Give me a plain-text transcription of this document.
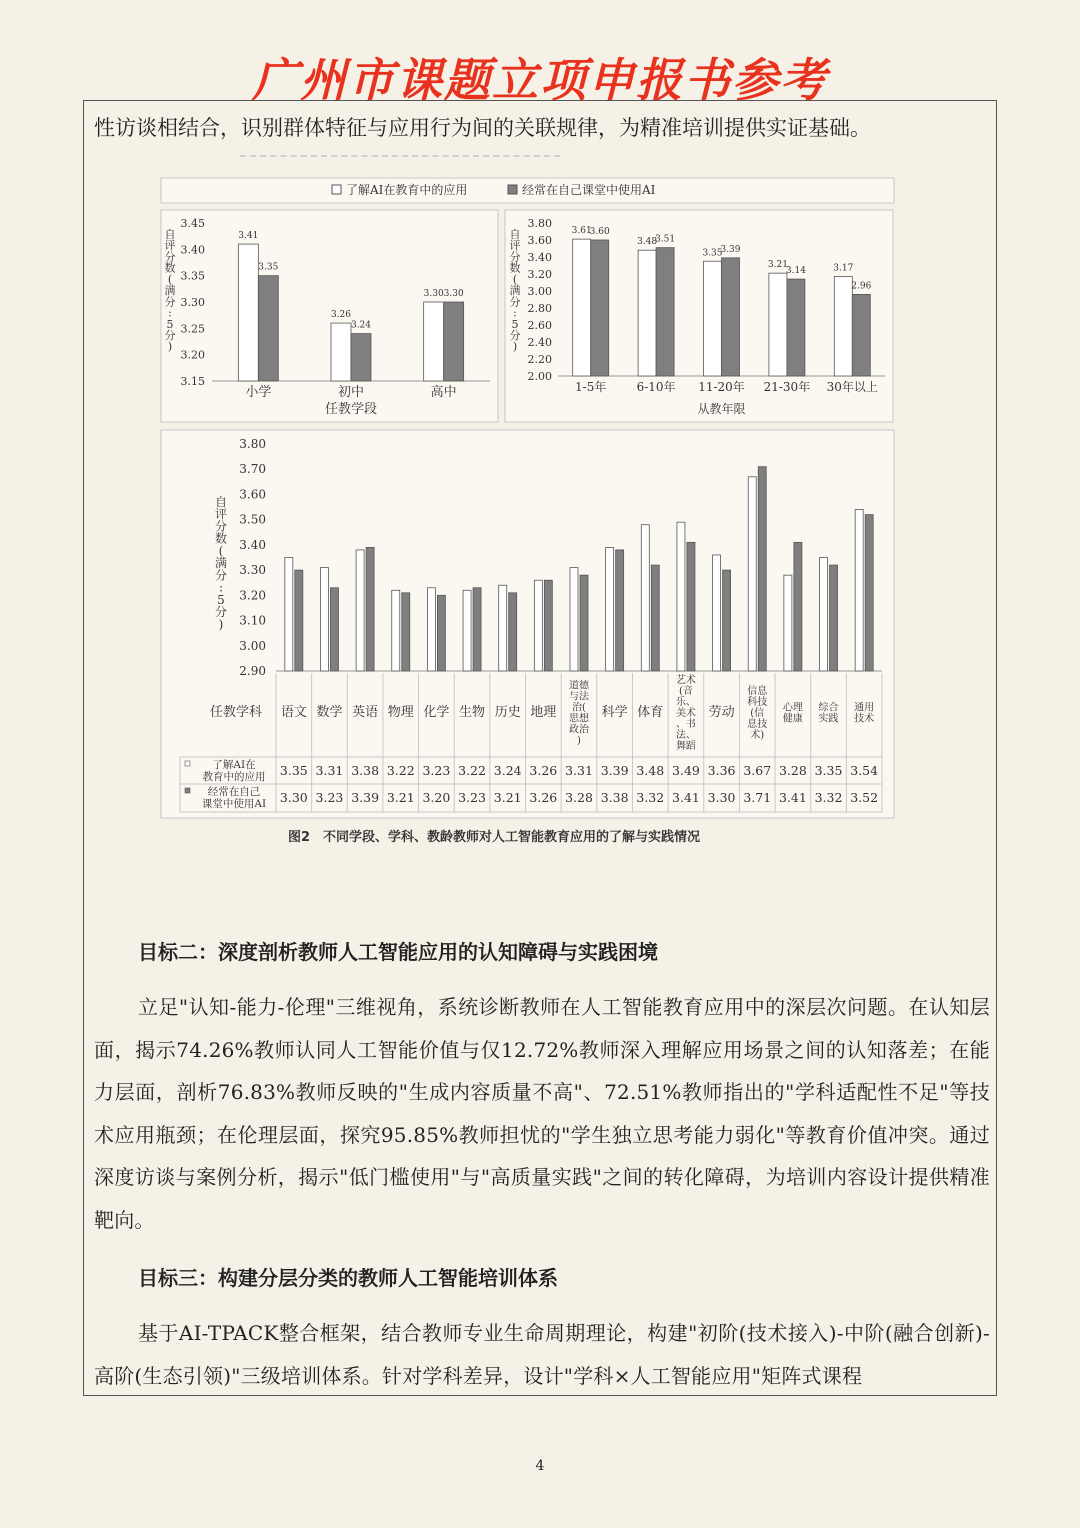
广州市课题立项申报书参考
性访谈相结合，识别群体特征与应用行为间的关联规律，为精准培训提供实证基础。
了解AI在教育中的应用	经常在自己课堂中使用AI
3.15
3.20
3.25
3.30
3.35
3.40
3.45
自
评
分
数
(
满
分
:
5
分
)
3.41
3.35
小学
3.26
3.24
初中
3.30 3.30
高中
任教学段
2.00
2.20
2.40
2.60
2.80
3.00
3.20
3.40
3.60
3.80
自
评
分
数
(
满
分
:
5
分
)
3.61
3.60
1-5年
3.48
3.51
6-10年
3.35
3.39
11-20年
3.21
3.14
21-30年
3.17
2.96
30年以上
从教年限
2.90
3.00
3.10
3.20
3.30
3.40
3.50
3.60
3.70
3.80
自
评
分
数
(
满
分
:
5
分
)
任教学科 语文 数学 英语 物理 化学 生物 历史 地理
道德
与法
治(
思想
政治
)
科学 体育
艺术
(音
乐、
美术
、书
法、
舞蹈
劳动
信息
科技
(信
息技
术)
心理
健康
综合
实践
通用
技术
了解AI在
教育中的应用 3.35 3.31 3.38 3.22 3.23 3.22 3.24 3.26 3.31 3.39 3.48 3.49 3.36 3.67 3.28 3.35 3.54
经常在自己
课堂中使用AI 3.30 3.23 3.39 3.21 3.20 3.23 3.21 3.26 3.28 3.38 3.32 3.41 3.30 3.71 3.41 3.32 3.52
图2　不同学段、学科、教龄教师对人工智能教育应用的了解与实践情况
目标二：深度剖析教师人工智能应用的认知障碍与实践困境
立足"认知-能力-伦理"三维视角，系统诊断教师在人工智能教育应用中的深层次问题。在认知层面，揭示74.26%教师认同人工智能价值与仅12.72%教师深入理解应用场景之间的认知落差；在能力层面，剖析76.83%教师反映的"生成内容质量不高"、72.51%教师指出的"学科适配性不足"等技术应用瓶颈；在伦理层面，探究95.85%教师担忧的"学生独立思考能力弱化"等教育价值冲突。通过深度访谈与案例分析，揭示"低门槛使用"与"高质量实践"之间的转化障碍，为培训内容设计提供精准靶向。
目标三：构建分层分类的教师人工智能培训体系
基于AI-TPACK整合框架，结合教师专业生命周期理论，构建"初阶(技术接入)-中阶(融合创新)-高阶(生态引领)"三级培训体系。针对学科差异，设计"学科×人工智能应用"矩阵式课程
4
